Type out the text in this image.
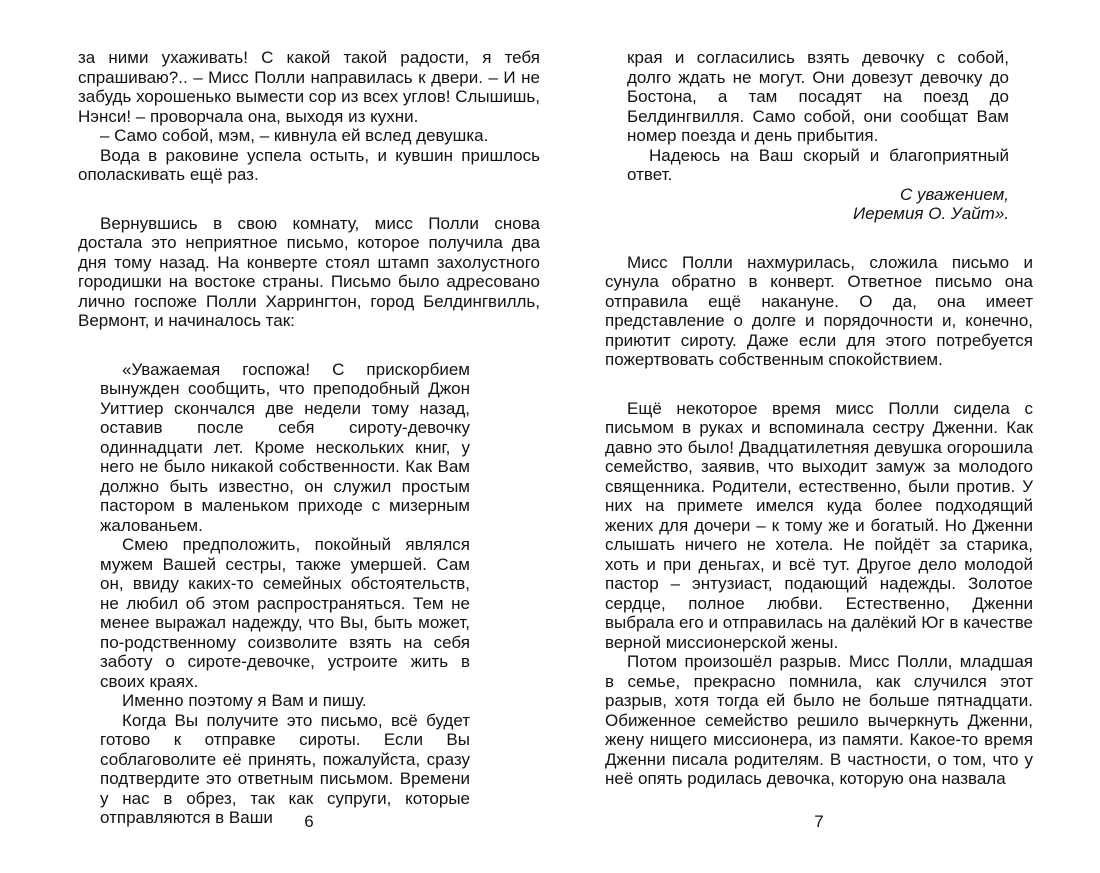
за ними ухаживать! С какой такой радости, я тебя спрашиваю?.. – Мисс Полли направилась к двери. – И не забудь хорошенько вымести сор из всех углов! Слышишь, Нэнси! – проворчала она, выходя из кухни.

– Само собой, мэм, – кивнула ей вслед девушка.

Вода в раковине успела остыть, и кувшин пришлось ополаскивать ещё раз.

Вернувшись в свою комнату, мисс Полли снова достала это неприятное письмо, которое получила два дня тому назад. На конверте стоял штамп захолустного городишки на востоке страны. Письмо было адресовано лично госпоже Полли Харрингтон, город Белдингвилль, Вермонт, и начиналось так:

«Уважаемая госпожа! С прискорбием вынужден сообщить, что преподобный Джон Уиттиер скончался две недели тому назад, оставив после себя сироту-девочку одиннадцати лет. Кроме нескольких книг, у него не было никакой собственности. Как Вам должно быть известно, он служил простым пастором в маленьком приходе с мизерным жалованьем.

Смею предположить, покойный являлся мужем Вашей сестры, также умершей. Сам он, ввиду каких-то семейных обстоятельств, не любил об этом распространяться. Тем не менее выражал надежду, что Вы, быть может, по-родственному соизволите взять на себя заботу о сироте-девочке, устроите жить в своих краях.

Именно поэтому я Вам и пишу.

Когда Вы получите это письмо, всё будет готово к отправке сироты. Если Вы соблаговолите её принять, пожалуйста, сразу подтвердите это ответным письмом. Времени у нас в обрез, так как супруги, которые отправляются в Ваши	6

края и согласились взять девочку с собой, долго ждать не могут. Они довезут девочку до Бостона, а там посадят на поезд до Белдингвилля. Само собой, они сообщат Вам номер поезда и день прибытия.

Надеюсь на Ваш скорый и благоприятный ответ.

С уважением,

Иеремия О. Уайт».

Мисс Полли нахмурилась, сложила письмо и сунула обратно в конверт. Ответное письмо она отправила ещё накануне. О да, она имеет представление о долге и порядочности и, конечно, приютит сироту. Даже если для этого потребуется пожертвовать собственным спокойствием.

Ещё некоторое время мисс Полли сидела с письмом в руках и вспоминала сестру Дженни. Как давно это было! Двадцатилетняя девушка огорошила семейство, заявив, что выходит замуж за молодого священника. Родители, естественно, были против. У них на примете имелся куда более подходящий жених для дочери – к тому же и богатый. Но Дженни слышать ничего не хотела. Не пойдёт за старика, хоть и при деньгах, и всё тут. Другое дело молодой пастор – энтузиаст, подающий надежды. Золотое сердце, полное любви. Естественно, Дженни выбрала его и отправилась на далёкий Юг в качестве верной миссионерской жены.

Потом произошёл разрыв. Мисс Полли, младшая в семье, прекрасно помнила, как случился этот разрыв, хотя тогда ей было не больше пятнадцати. Обиженное семейство решило вычеркнуть Дженни, жену нищего миссионера, из памяти. Какое-то время Дженни писала родителям. В частности, о том, что у неё опять родилась девочка, которую она назвала

7
